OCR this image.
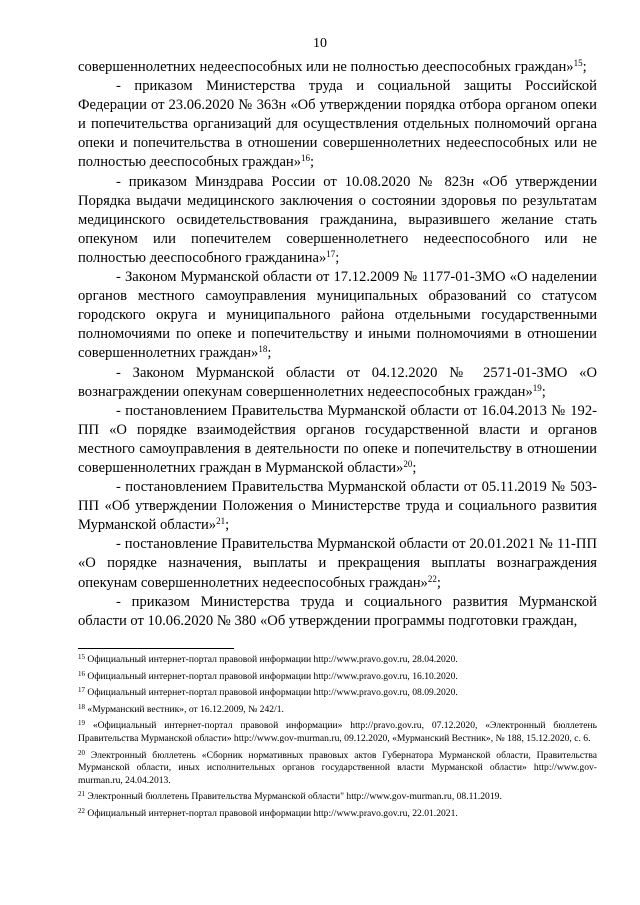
10

совершеннолетних недееспособных или не полностью дееспособных граждан»$^{15}$;

- приказом Министерства труда и социальной защиты Российской Федерации от 23.06.2020 № 363н «Об утверждении порядка отбора органом опеки и попечительства организаций для осуществления отдельных полномочий органа опеки и попечительства в отношении совершеннолетних недееспособных или не полностью дееспособных граждан»$^{16}$;

- приказом Минздрава России от 10.08.2020 № 823н «Об утверждении Порядка выдачи медицинского заключения о состоянии здоровья по результатам медицинского освидетельствования гражданина, выразившего желание стать опекуном или попечителем совершеннолетнего недееспособного или не полностью дееспособного гражданина»$^{17}$;

- Законом Мурманской области от 17.12.2009 № 1177-01-ЗМО «О наделении органов местного самоуправления муниципальных образований со статусом городского округа и муниципального района отдельными государственными полномочиями по опеке и попечительству и иными полномочиями в отношении совершеннолетних граждан»$^{18}$;

- Законом Мурманской области от 04.12.2020 № 2571-01-ЗМО «О вознаграждении опекунам совершеннолетних недееспособных граждан»$^{19}$;

- постановлением Правительства Мурманской области от 16.04.2013 № 192-ПП «О порядке взаимодействия органов государственной власти и органов местного самоуправления в деятельности по опеке и попечительству в отношении совершеннолетних граждан в Мурманской области»$^{20}$;

- постановлением Правительства Мурманской области от 05.11.2019 № 503-ПП «Об утверждении Положения о Министерстве труда и социального развития Мурманской области»$^{21}$;

- постановление Правительства Мурманской области от 20.01.2021 № 11-ПП «О порядке назначения, выплаты и прекращения выплаты вознаграждения опекунам совершеннолетних недееспособных граждан»$^{22}$;

- приказом Министерства труда и социального развития Мурманской области от 10.06.2020 № 380 «Об утверждении программы подготовки граждан,

$^{15}$ Официальный интернет-портал правовой информации http://www.pravo.gov.ru, 28.04.2020.

$^{16}$ Официальный интернет-портал правовой информации http://www.pravo.gov.ru, 16.10.2020.

$^{17}$ Официальный интернет-портал правовой информации http://www.pravo.gov.ru, 08.09.2020.

$^{18}$ «Мурманский вестник», от 16.12.2009, № 242/1.

$^{19}$ «Официальный интернет-портал правовой информации» http://pravo.gov.ru, 07.12.2020, «Электронный бюллетень Правительства Мурманской области» http://www.gov-murman.ru, 09.12.2020, «Мурманский Вестник», № 188, 15.12.2020, с. 6.

$^{20}$ Электронный бюллетень «Сборник нормативных правовых актов Губернатора Мурманской области, Правительства Мурманской области, иных исполнительных органов государственной власти Мурманской области» http://www.gov-murman.ru, 24.04.2013.

$^{21}$ Электронный бюллетень Правительства Мурманской области" http://www.gov-murman.ru, 08.11.2019.

$^{22}$ Официальный интернет-портал правовой информации http://www.pravo.gov.ru, 22.01.2021.
